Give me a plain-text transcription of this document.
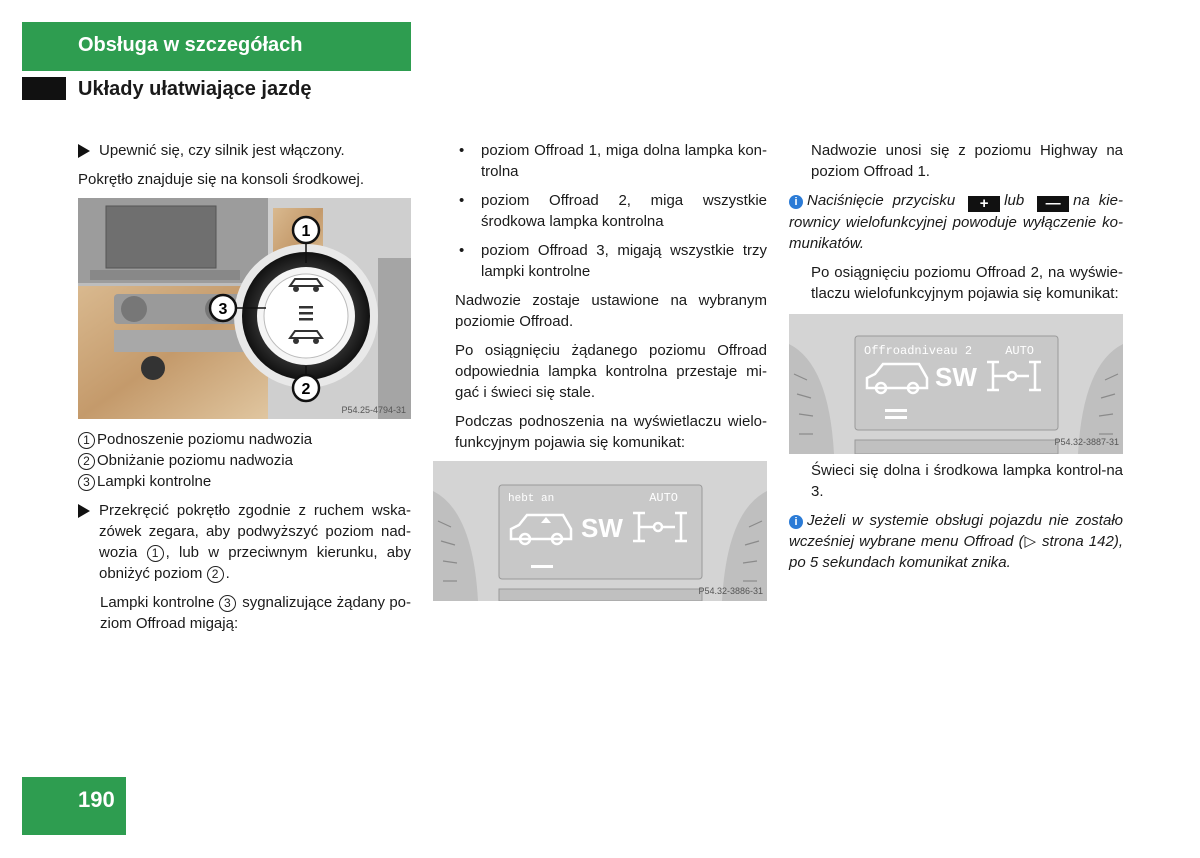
Obsługa w szczegółach
Układy ułatwiające jazdę

Upewnić się, czy silnik jest włączony.

Pokrętło znajduje się na konsoli środkowej.

1
3
2
P54.25-4794-31

1 Podnoszenie poziomu nadwozia

2 Obniżanie poziomu nadwozia

3 Lampki kontrolne

Przekręcić pokrętło zgodnie z ruchem wska-zówek zegara, aby podwyższyć poziom nad-wozia 1 , lub w przeciwnym kierunku, aby obniżyć poziom 2 .

Lampki kontrolne 3 sygnalizujące żądany po-ziom Offroad migają:

•	poziom Offroad 1, miga dolna lampka kon-trolna
•	poziom Offroad 2, miga wszystkie środkowa lampka kontrolna
•	poziom Offroad 3, migają wszystkie trzy lampki kontrolne

Nadwozie zostaje ustawione na wybranym poziomie Offroad.

Po osiągnięciu żądanego poziomu Offroad odpowiednia lampka kontrolna przestaje mi-gać i świeci się stale.

Podczas podnoszenia na wyświetlaczu wielo-funkcyjnym pojawia się komunikat:

hebt an	AUTO
SW
P54.32-3886-31

Nadwozie unosi się z poziomu Highway na poziom Offroad 1.

i Naciśnięcie przycisku + lub — na kie-rownicy wielofunkcyjnej powoduje wyłączenie ko-munikatów.

Po osiągnięciu poziomu Offroad 2, na wyświe-tlaczu wielofunkcyjnym pojawia się komunikat:

Offroadniveau 2	AUTO
SW
P54.32-3887-31

Świeci się dolna i środkowa lampka kontrol-na 3.

i Jeżeli w systemie obsługi pojazdu nie zostało wcześniej wybrane menu Offroad (▷ strona 142), po 5 sekundach komunikat znika.

190
